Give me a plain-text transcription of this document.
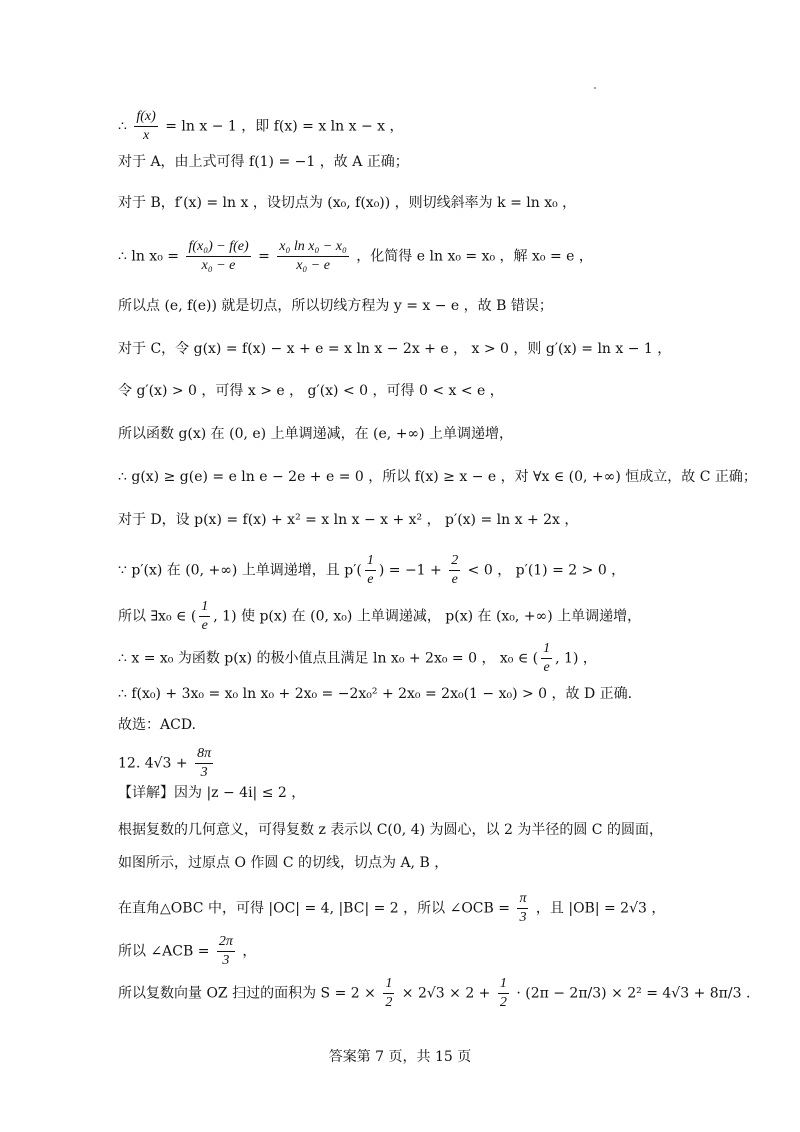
∴ $\frac{f(x)}{x} = \ln x - 1$ ，即 f(x) = x ln x − x ，
对于 A，由上式可得 f(1) = −1 ，故 A 正确；
对于 B，f′(x) = ln x ，设切点为 (x₀, f(x₀)) ，则切线斜率为 k = ln x₀ ，
∴ $\ln x_0 = \frac{\text{f(x₀) − f(e)}}{\text{x₀ − e}} = \frac{\text{x₀ ln x₀ − x₀}}{\text{x₀ − e}}$ ，化简得 e ln x₀ = x₀ ，解 x₀ = e ，
所以点 (e, f(e)) 就是切点，所以切线方程为 y = x − e ，故 B 错误；
对于 C，令 g(x) = f(x) − x + e = x ln x − 2x + e ， x > 0 ，则 g′(x) = ln x − 1 ，
令 g′(x) > 0 ，可得 x > e ， g′(x) < 0 ，可得 0 < x < e ，
所以函数 g(x) 在 (0, e) 上单调递减，在 (e, +∞) 上单调递增，
∴ g(x) ≥ g(e) = e ln e − 2e + e = 0 ，所以 f(x) ≥ x − e ，对 ∀x ∈ (0, +∞) 恒成立，故 C 正确；
对于 D，设 p(x) = f(x) + x² = x ln x − x + x² ， p′(x) = ln x + 2x ，
∵ p′(x) 在 (0, +∞) 上单调递增，且 $p'( \frac{1}{e}$ ) = $-1 + \frac{2}{e} < 0$ ， p′(1) = 2 > 0 ，
所以 ∃x₀ ∈ ( $\frac{1}{e}$ , 1) 使 p(x) 在 (0, x₀) 上单调递减， p(x) 在 (x₀, +∞) 上单调递增，
∴ x = x₀ 为函数 p(x) 的极小值点且满足 ln x₀ + 2x₀ = 0 ， x₀ ∈ ( $\frac{1}{e}$ , 1) ，
∴ f(x₀) + 3x₀ = x₀ ln x₀ + 2x₀ = −2x₀² + 2x₀ = 2x₀(1 − x₀) > 0 ，故 D 正确.
故选：ACD.
12. $4√3 + \frac{8\pi}{3}$
【详解】因为 |z − 4i| ≤ 2 ，
根据复数的几何意义，可得复数 z 表示以 C(0, 4) 为圆心，以 2 为半径的圆 C 的圆面，
如图所示，过原点 O 作圆 C 的切线，切点为 A, B ，
在直角△OBC 中，可得 |OC| = 4, |BC| = 2 ，所以 ∠OCB = $\frac{\pi}{3}$ ，且 |OB| = 2√3 ，
所以 ∠ACB = $\frac{2\pi}{3}$ ，
所以复数向量 OZ 扫过的面积为 $S = 2 \times \frac{1}{2} \times 2√3 \times 2 + \frac{1}{2} \cdot (2\pi - 2\pi/3) \times 2^2 = 4√3 + 8\pi/3$ .
答案第 7 页，共 15 页
